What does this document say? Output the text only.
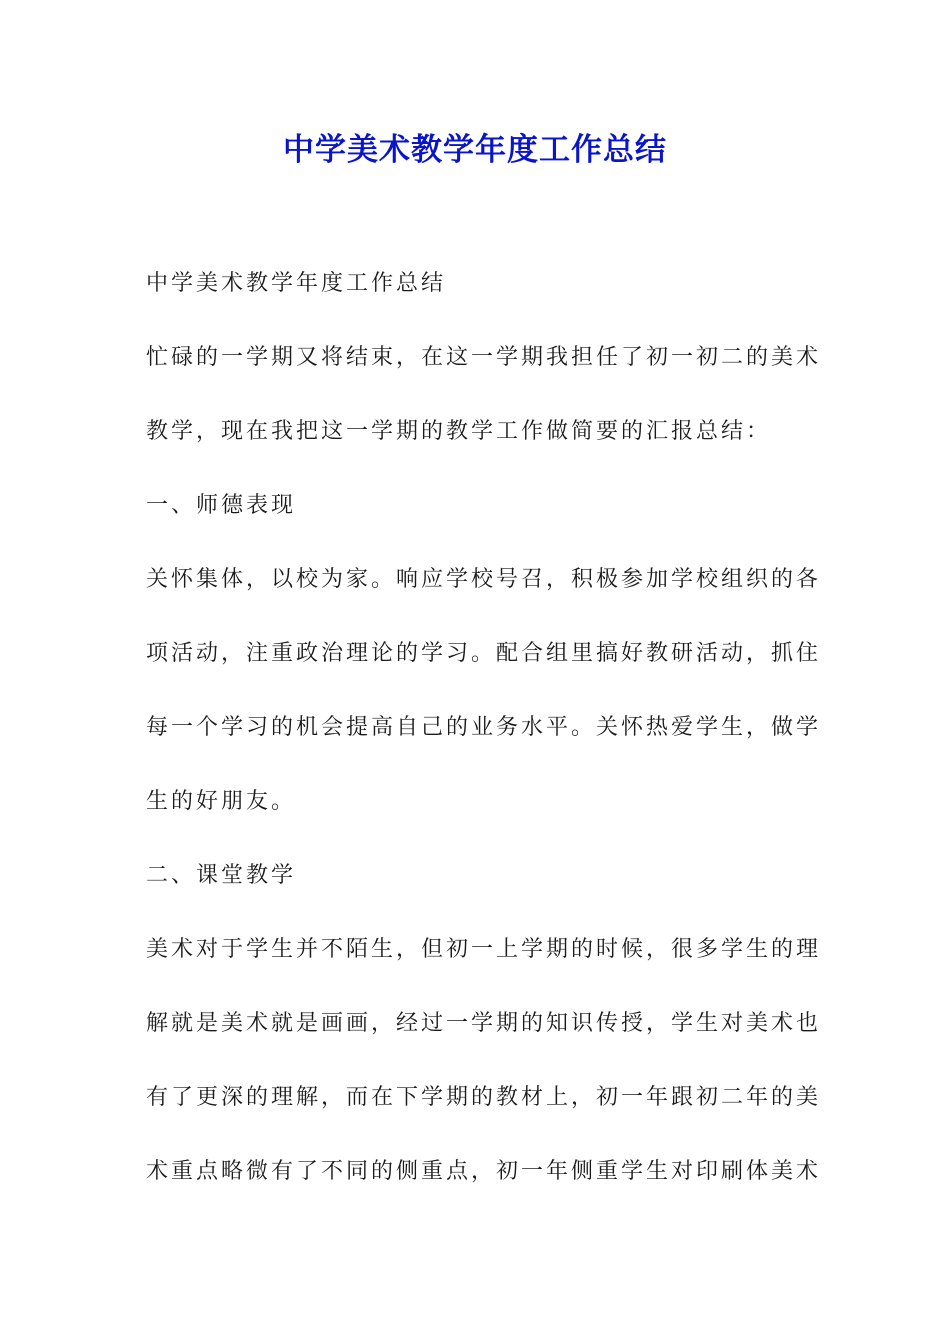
中学美术教学年度工作总结
中学美术教学年度工作总结
忙碌的一学期又将结束，在这一学期我担任了初一初二的美术
教学，现在我把这一学期的教学工作做简要的汇报总结：
一、师德表现
关怀集体，以校为家。响应学校号召，积极参加学校组织的各
项活动，注重政治理论的学习。配合组里搞好教研活动，抓住
每一个学习的机会提高自己的业务水平。关怀热爱学生，做学
生的好朋友。
二、课堂教学
美术对于学生并不陌生，但初一上学期的时候，很多学生的理
解就是美术就是画画，经过一学期的知识传授，学生对美术也
有了更深的理解，而在下学期的教材上，初一年跟初二年的美
术重点略微有了不同的侧重点，初一年侧重学生对印刷体美术
